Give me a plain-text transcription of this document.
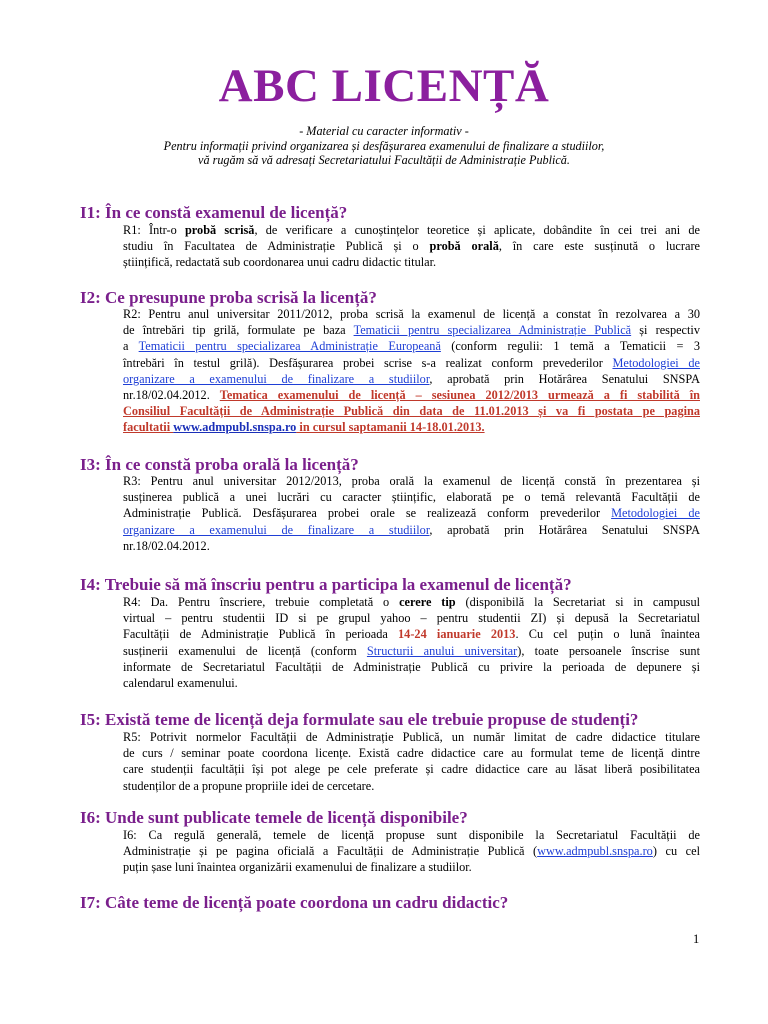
ABC LICENȚĂ
- Material cu caracter informativ -
Pentru informații privind organizarea și desfășurarea examenului de finalizare a studiilor,
vă rugăm să vă adresați Secretariatului Facultății de Administrație Publică.
I1: În ce constă examenul de licență?
R1: Într-o probă scrisă, de verificare a cunoștințelor teoretice și aplicate, dobândite în cei trei ani de
studiu în Facultatea de Administrație Publică și o probă orală, în care este susținută o lucrare
științifică, redactată sub coordonarea unui cadru didactic titular.
I2: Ce presupune proba scrisă la licență?
R2: Pentru anul universitar 2011/2012, proba scrisă la examenul de licență a constat în rezolvarea a 30
de întrebări tip grilă, formulate pe baza Tematicii pentru specializarea Administrație Publică și respectiv
a Tematicii pentru specializarea Administrație Europeană (conform regulii: 1 temă a Tematicii = 3
întrebări în testul grilă). Desfășurarea probei scrise s-a realizat conform prevederilor Metodologiei de
organizare a examenului de finalizare a studiilor, aprobată prin Hotărârea Senatului SNSPA
nr.18/02.04.2012. Tematica examenului de licență – sesiunea 2012/2013 urmează a fi stabilită în
Consiliul Facultății de Administrație Publică din data de 11.01.2013 și va fi postata pe pagina
facultatii www.admpubl.snspa.ro in cursul saptamanii 14-18.01.2013.
I3: În ce constă proba orală la licență?
R3: Pentru anul universitar 2012/2013, proba orală la examenul de licență constă în prezentarea și
susținerea publică a unei lucrări cu caracter științific, elaborată pe o temă relevantă Facultății de
Administrație Publică. Desfășurarea probei orale se realizează conform prevederilor Metodologiei de
organizare a examenului de finalizare a studiilor, aprobată prin Hotărârea Senatului SNSPA
nr.18/02.04.2012.
I4: Trebuie să mă înscriu pentru a participa la examenul de licență?
R4: Da. Pentru înscriere, trebuie completată o cerere tip (disponibilă la Secretariat si in campusul
virtual – pentru studentii ID si pe grupul yahoo – pentru studentii ZI) și depusă la Secretariatul
Facultății de Administrație Publică în perioada 14-24 ianuarie 2013. Cu cel puțin o lună înaintea
susținerii examenului de licență (conform Structurii anului universitar), toate persoanele înscrise sunt
informate de Secretariatul Facultății de Administrație Publică cu privire la perioada de depunere și
calendarul examenului.
I5: Există teme de licență deja formulate sau ele trebuie propuse de studenți?
R5: Potrivit normelor Facultății de Administrație Publică, un număr limitat de cadre didactice titulare
de curs / seminar poate coordona licențe. Există cadre didactice care au formulat teme de licență dintre
care studenții facultății își pot alege pe cele preferate și cadre didactice care au lăsat liberă posibilitatea
studenților de a propune propriile idei de cercetare.
I6: Unde sunt publicate temele de licență disponibile?
I6: Ca regulă generală, temele de licență propuse sunt disponibile la Secretariatul Facultății de
Administrație și pe pagina oficială a Facultății de Administrație Publică (www.admpubl.snspa.ro) cu cel
puțin șase luni înaintea organizării examenului de finalizare a studiilor.
I7: Câte teme de licență poate coordona un cadru didactic?
1
